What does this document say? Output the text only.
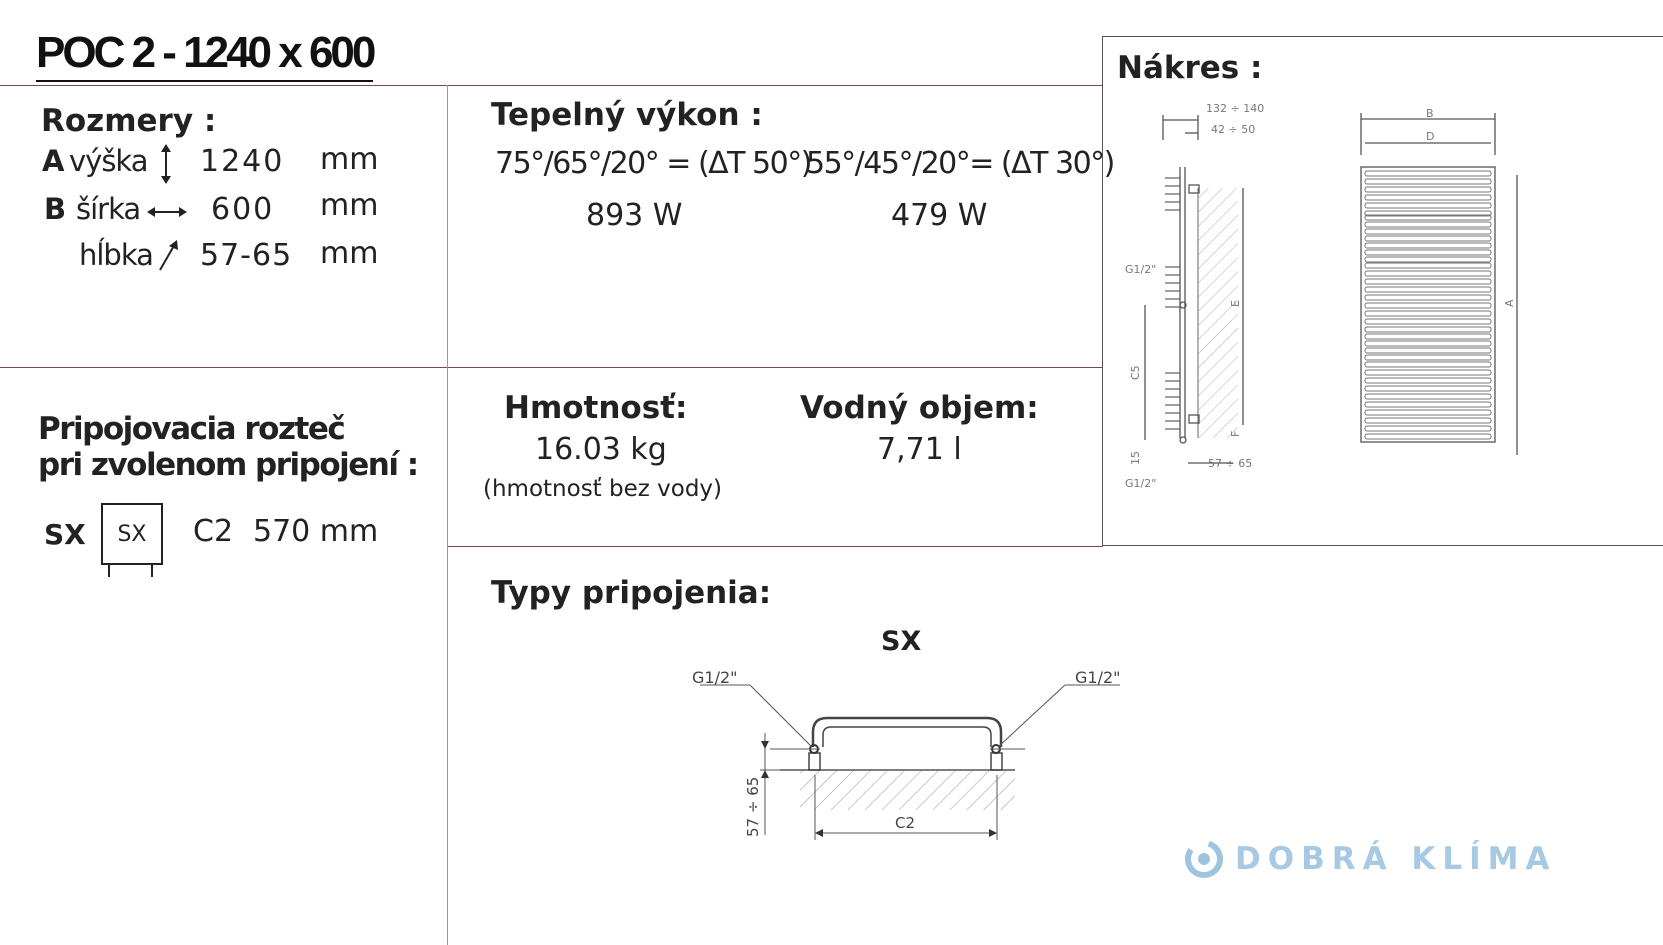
POC 2 - 1240 x 600
Rozmery :
A výška 1240 mm
B šírka 600 mm
hĺbka 57-65 mm
Tepelný výkon :
75°/65°/20° = (ΔT 50°)
55°/45°/20°= (ΔT 30°)
893 W	479 W
Hmotnosť:
16.03 kg
(hmotnosť bez vody)
Vodný objem:
7,71 l
Pripojovacia rozteč
pri zvolenom pripojení :
SX SX C2 570 mm
Nákres :
132 ÷ 140
42 ÷ 50
G1/2"
C5
15	57 ÷ 65
G1/2"
E
F
B
D
A
Typy pripojenia:
SX
G1/2"	G1/2"
57 ÷ 65	C2
DOBRÁ KLÍMA
